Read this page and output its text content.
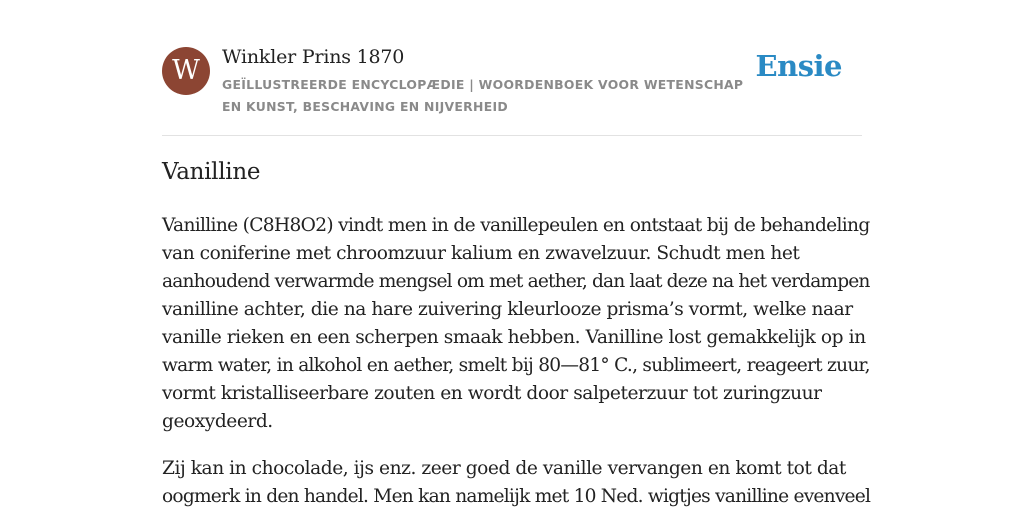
W	Winkler Prins 1870
GEÏLLUSTREERDE ENCYCLOPÆDIE | WOORDENBOEK VOOR WETENSCHAP EN KUNST, BESCHAVING EN NIJVERHEID
Ensie
Vanilline

Vanilline (C8H8O2) vindt men in de vanillepeulen en ontstaat bij de behandeling
van coniferine met chroomzuur kalium en zwavelzuur. Schudt men het
aanhoudend verwarmde mengsel om met aether, dan laat deze na het verdampen
vanilline achter, die na hare zuivering kleurlooze prisma’s vormt, welke naar
vanille rieken en een scherpen smaak hebben. Vanilline lost gemakkelijk op in
warm water, in alkohol en aether, smelt bij 80—81° C., sublimeert, reageert zuur,
vormt kristalliseerbare zouten en wordt door salpeterzuur tot zuringzuur
geoxydeerd.

Zij kan in chocolade, ijs enz. zeer goed de vanille vervangen en komt tot dat
oogmerk in den handel. Men kan namelijk met 10 Ned. wigtjes vanilline evenveel
